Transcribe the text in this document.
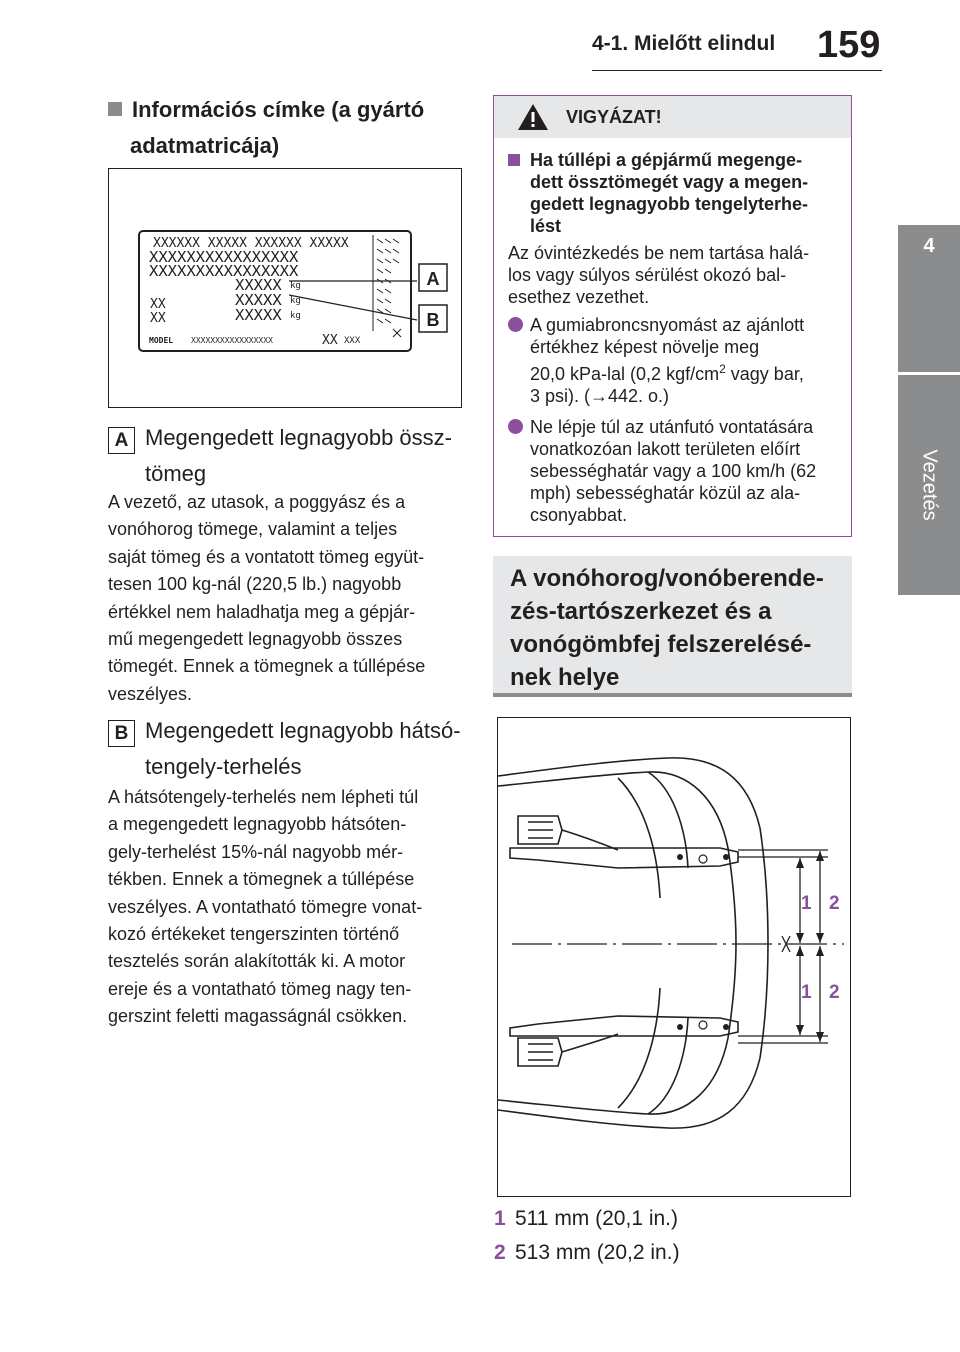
4-1. Mielőtt elindul 159
4
Vezetés
Információs címke (a gyártó
adatmatricája)
XXXXXX XXXXX XXXXXX XXXXX
XXXXXXXXXXXXXXXX
XXXXXXXXXXXXXXXX
XXXXX
XXXXX
XXXXX
kg
kg
kg
XX
XX
MODEL XXXXXXXXXXXXXXXXX	XX XXX
A
B
A Megengedett legnagyobb össz-
tömeg
A vezető, az utasok, a poggyász és a
vonóhorog tömege, valamint a teljes
saját tömeg és a vontatott tömeg együt-
tesen 100 kg-nál (220,5 lb.) nagyobb
értékkel nem haladhatja meg a gépjár-
mű megengedett legnagyobb összes
tömegét. Ennek a tömegnek a túllépése
veszélyes.
B Megengedett legnagyobb hátsó-
tengely-terhelés
A hátsótengely-terhelés nem lépheti túl
a megengedett legnagyobb hátsóten-
gely-terhelést 15%-nál nagyobb mér-
tékben. Ennek a tömegnek a túllépése
veszélyes. A vontatható tömegre vonat-
kozó értékeket tengerszinten történő
tesztelés során alakították ki. A motor
ereje és a vontatható tömeg nagy ten-
gerszint feletti magasságnál csökken.
VIGYÁZAT!
Ha túllépi a gépjármű megenge-
dett össztömegét vagy a megen-
gedett legnagyobb tengelyterhe-
lést
Az óvintézkedés be nem tartása halá-
los vagy súlyos sérülést okozó bal-
esethez vezethet.
A gumiabroncsnyomást az ajánlott
értékhez képest növelje meg
20,0 kPa-lal (0,2 kgf/$cm^2$ vagy bar,
3 psi). (→442. o.)
Ne lépje túl az utánfutó vontatására
vonatkozóan lakott területen előírt
sebességhatár vagy a 100 km/h (62
mph) sebességhatár közül az ala-
csonyabbat.
A vonóhorog/vonóberende-
zés-tartószerkezet és a
vonógömbfej felszerelésé-
nek helye
1 2
1 2
1 511 mm (20,1 in.)
2 513 mm (20,2 in.)
